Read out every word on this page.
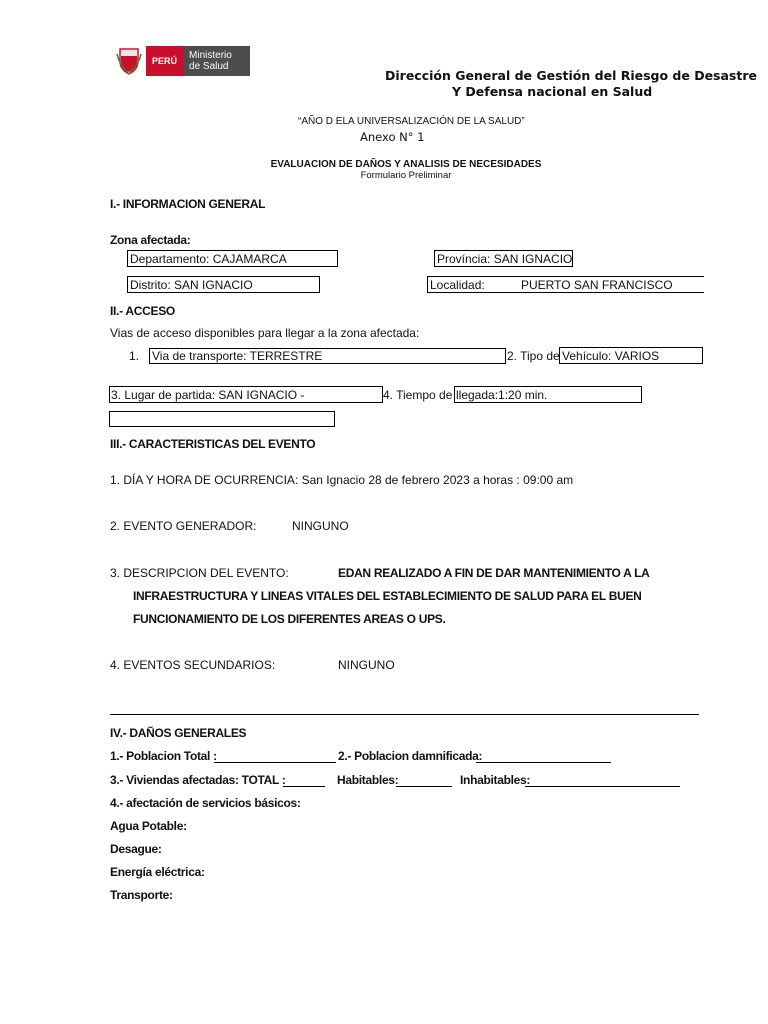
PERÚ	Ministerio
de Salud
Dirección General de Gestión del Riesgo de Desastre
Y Defensa nacional en Salud
“AÑO D ELA UNIVERSALIZACIÓN DE LA SALUD”
Anexo N° 1
EVALUACION DE DAÑOS Y ANALISIS DE NECESIDADES
Formulario Preliminar
I.- INFORMACION GENERAL
Zona afectada:
Departamento: CAJAMARCA	Província: SAN IGNACIO
Distrito: SAN IGNACIO	Localidad:	PUERTO SAN FRANCISCO
II.- ACCESO
Vias de acceso disponibles para llegar a la zona afectada:
1. Via de transporte: TERRESTRE	2. Tipo de Vehículo: VARIOS
3. Lugar de partida: SAN IGNACIO -	4. Tiempo de llegada:1:20 min.
III.- CARACTERISTICAS DEL EVENTO
1. DÍA Y HORA DE OCURRENCIA: San Ignacio 28 de febrero 2023 a horas : 09:00 am
2. EVENTO GENERADOR:	NINGUNO
3. DESCRIPCION DEL EVENTO:	EDAN REALIZADO A FIN DE DAR MANTENIMIENTO A LA
INFRAESTRUCTURA Y LINEAS VITALES DEL ESTABLECIMIENTO DE SALUD PARA EL BUEN
FUNCIONAMIENTO DE LOS DIFERENTES AREAS O UPS.
4. EVENTOS SECUNDARIOS:	NINGUNO
IV.- DAÑOS GENERALES
1.- Poblacion Total :	2.- Poblacion damnificada:
3.- Viviendas afectadas: TOTAL :	Habitables:	Inhabitables:
4.- afectación de servicios básicos:
Agua Potable:
Desague:
Energía eléctrica:
Transporte:
